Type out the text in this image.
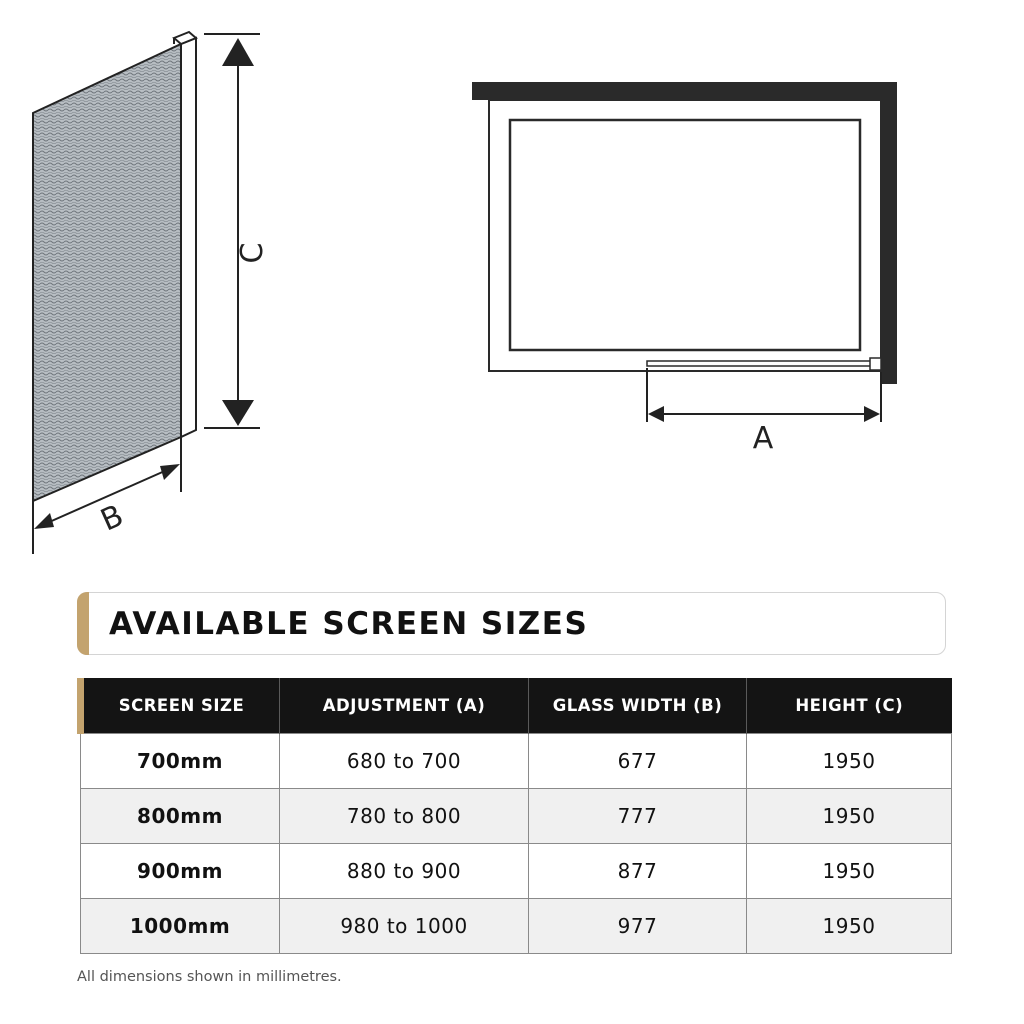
C
B
A
AVAILABLE SCREEN SIZES
SCREEN SIZE	ADJUSTMENT (A)	GLASS WIDTH (B)	HEIGHT (C)
700mm	680 to 700	677	1950
800mm	780 to 800	777	1950
900mm	880 to 900	877	1950
1000mm	980 to 1000	977	1950
All dimensions shown in millimetres.
